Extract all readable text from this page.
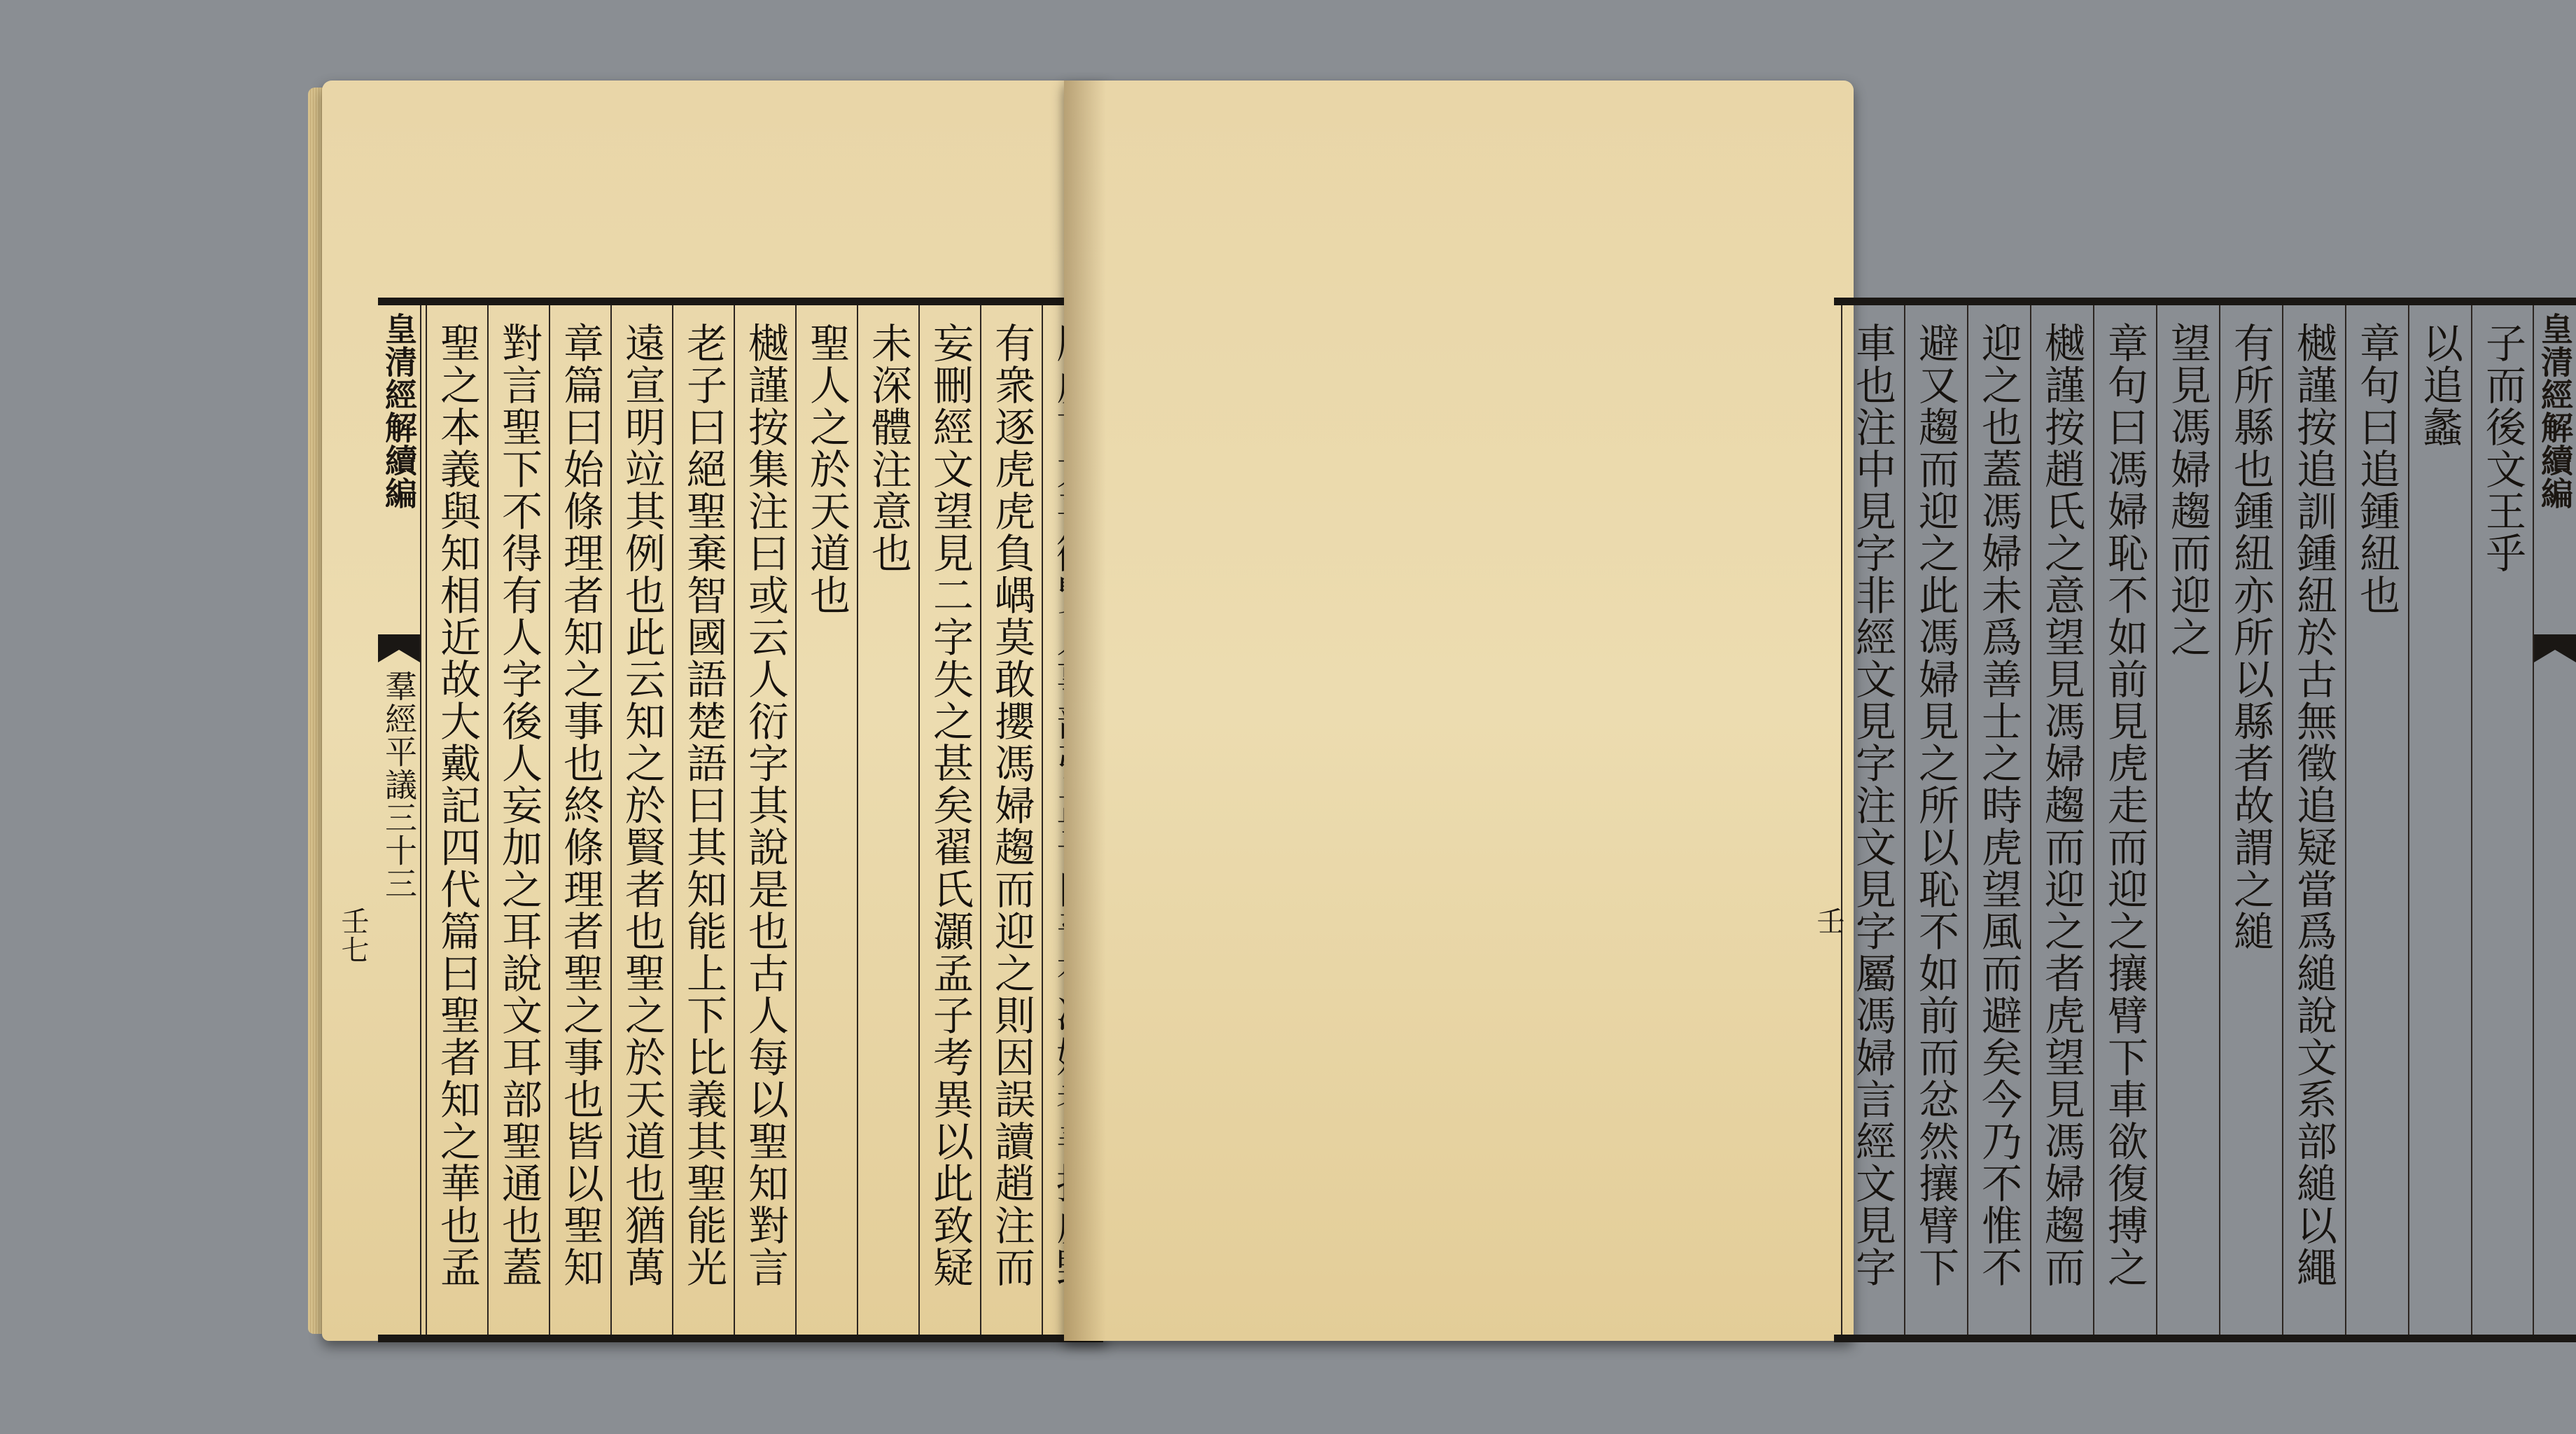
皇清經解續編
羣經平議三十三	有衆逐虎虎負嵎莫敢攖馮婦趨而迎之則因誤讀趙注而
妄刪經文望見二字失之甚矣翟氏灝孟子考異以此致疑
未深體注意也
聖人之於天道也
樾謹按集注曰或云人衍字其說是也古人每以聖知對言
老子曰絕聖棄智國語楚語曰其知能上下比義其聖能光
遠宣明竝其例也此云知之於賢者也聖之於天道也猶萬
章篇曰始條理者知之事也終條理者聖之事也皆以聖知
對言聖下不得有人字後人妄加之耳說文耳部聖通也蓋
聖之本義與知相近故大戴記四代篇曰聖者知之華也孟
壬七
子而後文王乎
以追蠡
章句曰追鍾紐也
樾謹按追訓鍾紐於古無徵追疑當爲縋說文系部縋以繩
有所縣也鍾紐亦所以縣者故謂之縋
望見馮婦趨而迎之
章句曰馮婦恥不如前見虎走而迎之攘臂下車欲復搏之
樾謹按趙氏之意望見馮婦趨而迎之者虎望見馮婦趨而
迎之也蓋馮婦未爲善士之時虎望風而避矣今乃不惟不
避又趨而迎之此馮婦見之所以恥不如前而忿然攘臂下
車也注中見字非經文見字注文見字屬馮婦言經文見字	皇清經解續編
壬
